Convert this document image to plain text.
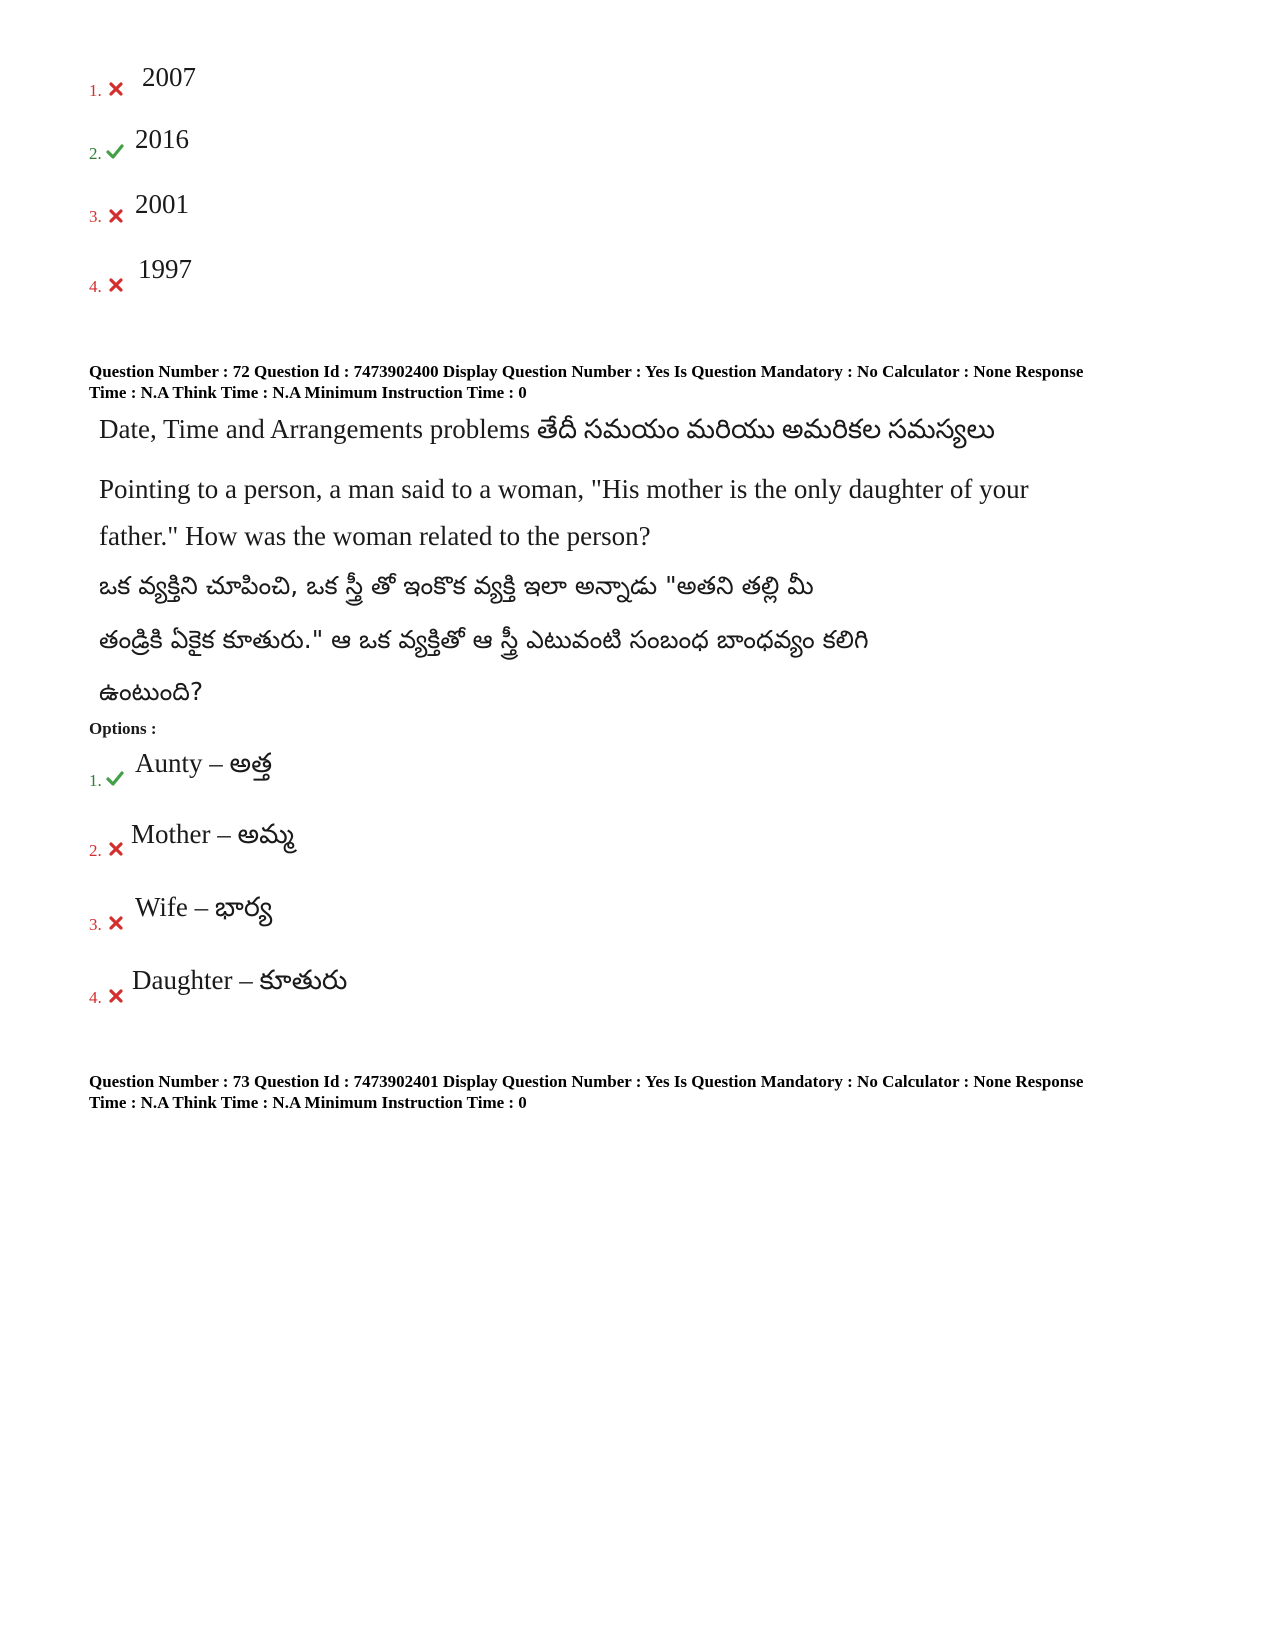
1. 2007
2. 2016
3. 2001
4.
1997
Question Number : 72 Question Id : 7473902400 Display Question Number : Yes Is Question Mandatory : No Calculator : None Response
Time : N.A Think Time : N.A Minimum Instruction Time : 0
Date, Time and Arrangements problems తేదీ సమయం మరియు అమరికల సమస్యలు
Pointing to a person, a man said to a woman, "His mother is the only daughter of your
father." How was the woman related to the person?
ఒక వ్యక్తిని చూపించి, ఒక స్త్రీ తో ఇంకొక వ్యక్తి ఇలా అన్నాడు "అతని తల్లి మీ
తండ్రికి ఏకైక కూతురు." ఆ ఒక వ్యక్తితో ఆ స్త్రీ ఎటువంటి సంబంధ బాంధవ్యం కలిగి
ఉంటుంది?
Options :
1.
Aunty – అత్త
2.
Mother – అమ్మ
3.
Wife – భార్య
4.
Daughter – కూతురు
Question Number : 73 Question Id : 7473902401 Display Question Number : Yes Is Question Mandatory : No Calculator : None Response
Time : N.A Think Time : N.A Minimum Instruction Time : 0
